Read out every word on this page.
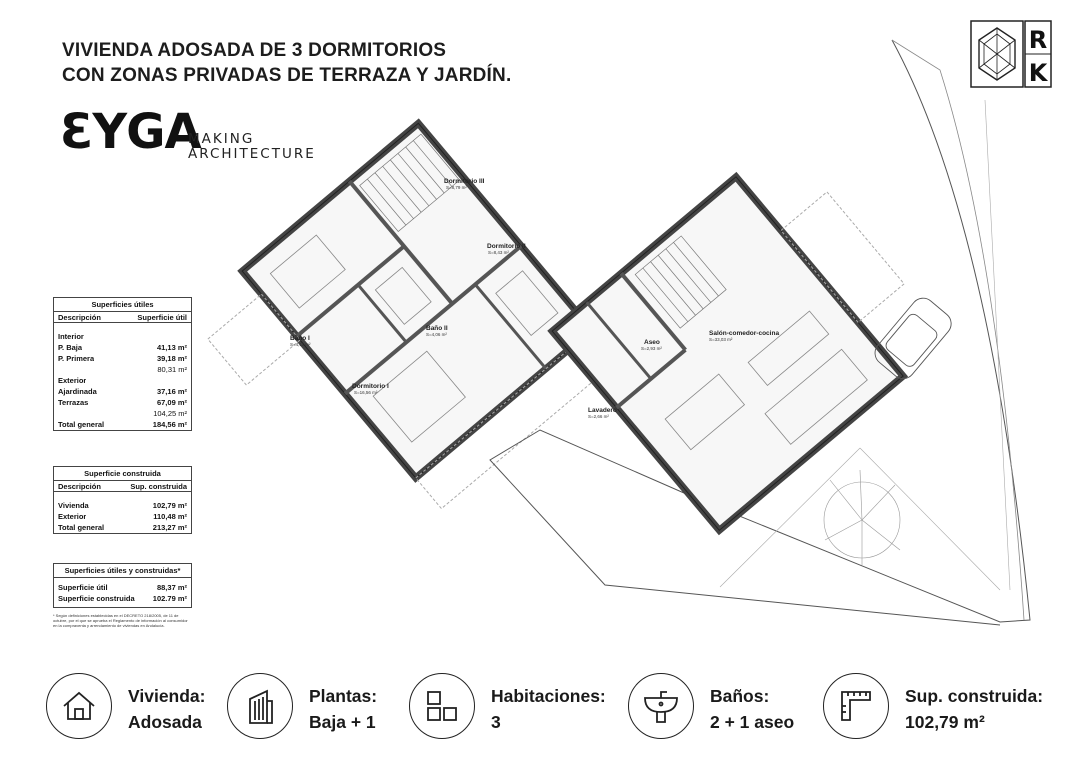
VIVIENDA ADOSADA DE 3 DORMITORIOS
CON ZONAS PRIVADAS DE TERRAZA Y JARDÍN.
ƐYGA
MAKING
ARCHITECTURE
R
K
Superficies útiles
Descripción	Superficie útil
Interior
P. Baja	41,13 m²
P. Primera	39,18 m²
80,31 m²
Exterior
Ajardinada	37,16 m²
Terrazas	67,09 m²
104,25 m²
Total general	184,56 m²
Superficie construida
Descripción	Sup. construida
Vivienda	102,79 m²
Exterior	110,48 m²
Total general	213,27 m²
Superficies útiles y construidas*
Superficie útil	88,37 m²
Superficie construida 102.79 m²
* Según definiciones establecidas en el DECRETO 218/2005, de 11 de octubre, por el que se aprueba el Reglamento de información al consumidor en la compraventa y arrendamiento de viviendas en Andalucía.
Dormitorio III
S=8,79 m²
Dormitorio II
S=8,43 m²
Baño I
S=4,11 m²
Baño II
S=4,06 m²
Dormitorio I
S=16,56 m²
Salón-comedor-cocina
S=33,03 m²
Aseo
S=2,93 m²
Lavadero
S=2,66 m²
Vivienda:
Adosada
Plantas:
Baja + 1
Habitaciones:
3
Baños:
2 + 1 aseo
Sup. construida:
102,79 m²
